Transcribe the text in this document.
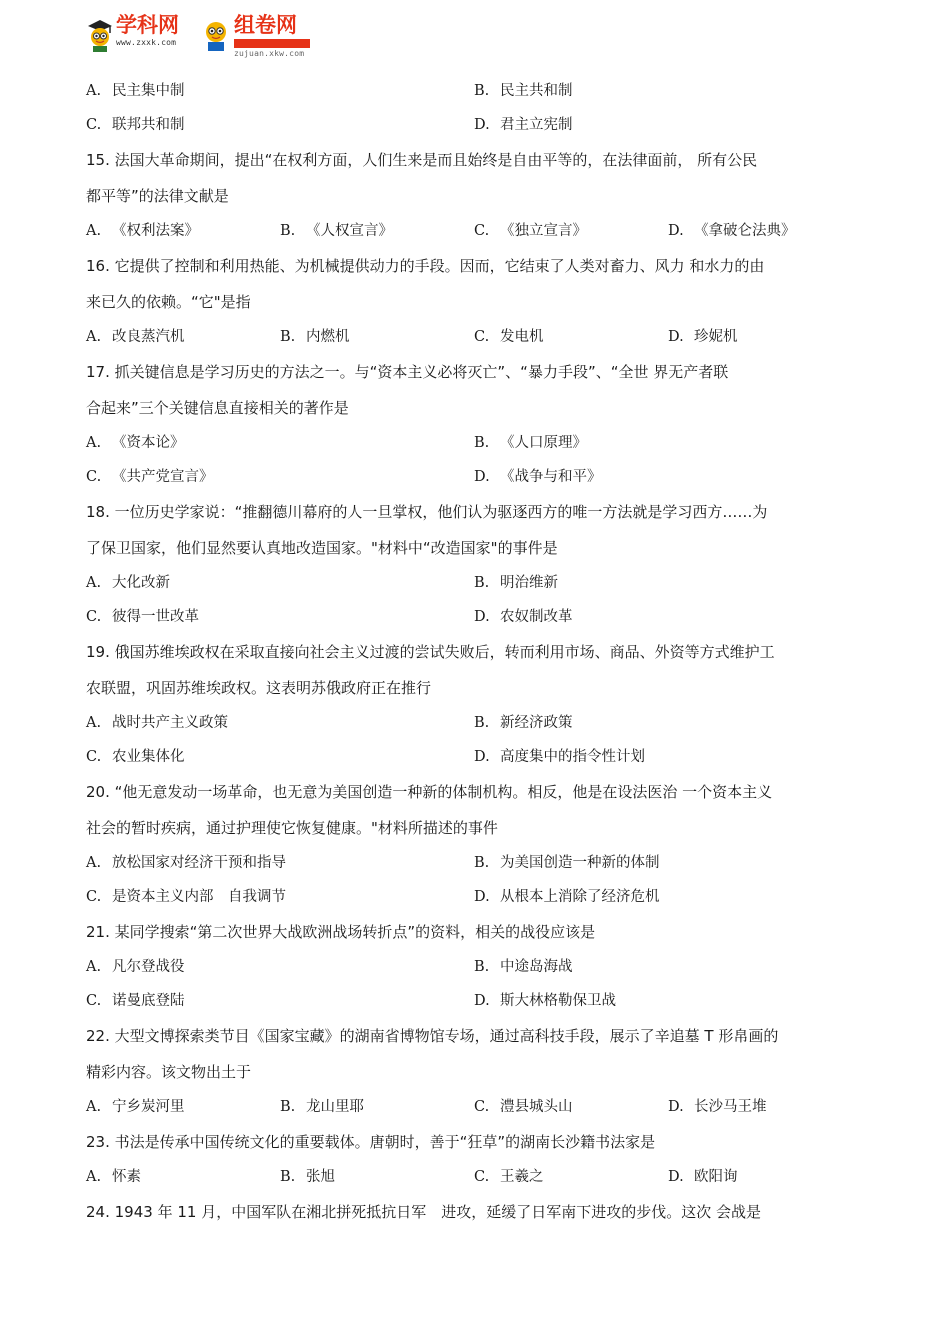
学科网
www.zxxk.com
组卷网
zujuan.xkw.com
A. 民主集中制	B. 民主共和制
C. 联邦共和制	D. 君主立宪制
15. 法国大革命期间，提出“在权利方面，人们生来是而且始终是自由平等的，在法律面前， 所有公民
都平等”的法律文献是
A. 《权利法案》	B. 《人权宣言》	C. 《独立宣言》	D. 《拿破仑法典》
16. 它提供了控制和利用热能、为机械提供动力的手段。因而，它结束了人类对畜力、风力 和水力的由
来已久的依赖。“它"是指
A. 改良蒸汽机	B. 内燃机	C. 发电机	D. 珍妮机
17. 抓关键信息是学习历史的方法之一。与“资本主义必将灭亡”、“暴力手段”、“全世 界无产者联
合起来”三个关键信息直接相关的著作是
A. 《资本论》	B. 《人口原理》
C. 《共产党宣言》	D. 《战争与和平》
18. 一位历史学家说：“推翻德川幕府的人一旦掌权，他们认为驱逐西方的唯一方法就是学习西方……为
了保卫国家，他们显然要认真地改造国家。"材料中“改造国家"的事件是
A. 大化改新	B. 明治维新
C. 彼得一世改革	D. 农奴制改革
19. 俄国苏维埃政权在采取直接向社会主义过渡的尝试失败后，转而利用市场、商品、外资等方式维护工
农联盟，巩固苏维埃政权。这表明苏俄政府正在推行
A. 战时共产主义政策	B. 新经济政策
C. 农业集体化	D. 高度集中的指令性计划
20. “他无意发动一场革命，也无意为美国创造一种新的体制机构。相反，他是在设法医治 一个资本主义
社会的暂时疾病，通过护理使它恢复健康。"材料所描述的事件
A. 放松国家对经济干预和指导	B. 为美国创造一种新的体制
C. 是资本主义内部　自我调节	D. 从根本上消除了经济危机
21. 某同学搜索“第二次世界大战欧洲战场转折点”的资料，相关的战役应该是
A. 凡尔登战役	B. 中途岛海战
C. 诺曼底登陆	D. 斯大林格勒保卫战
22. 大型文博探索类节目《国家宝藏》的湖南省博物馆专场，通过高科技手段，展示了辛追墓 T 形帛画的
精彩内容。该文物出土于
A. 宁乡炭河里	B. 龙山里耶	C. 澧县城头山	D. 长沙马王堆
23. 书法是传承中国传统文化的重要载体。唐朝时，善于“狂草”的湖南长沙籍书法家是
A. 怀素	B. 张旭	C. 王羲之	D. 欧阳询
24. 1943 年 11 月，中国军队在湘北拼死抵抗日军　进攻，延缓了日军南下进攻的步伐。这次 会战是
